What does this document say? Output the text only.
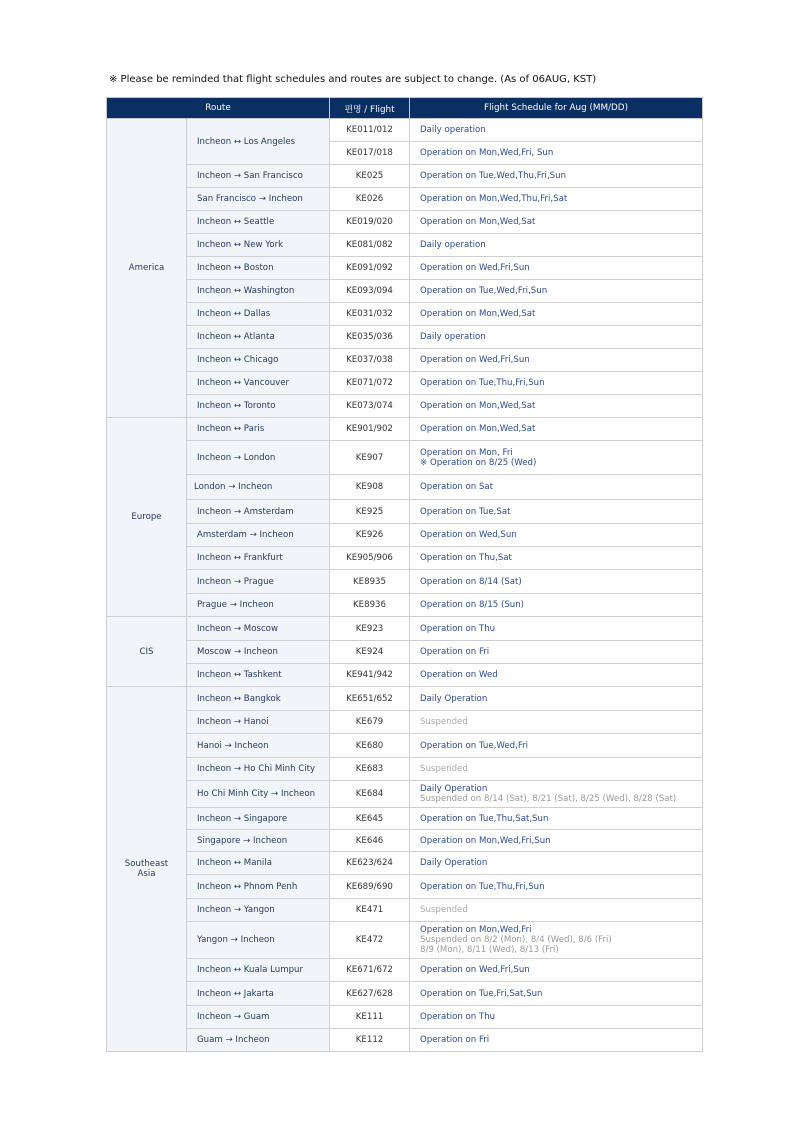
※ Please be reminded that flight schedules and routes are subject to change. (As of 06AUG, KST)
Route		편명 / Flight	Flight Schedule for Aug (MM/DD)
America	Incheon ↔ Los Angeles	KE011/012	Daily operation

		KE017/018	Operation on Mon,Wed,Fri, Sun

	Incheon → San Francisco	KE025	Operation on Tue,Wed,Thu,Fri,Sun

	San Francisco → Incheon	KE026	Operation on Mon,Wed,Thu,Fri,Sat

	Incheon ↔ Seattle	KE019/020	Operation on Mon,Wed,Sat

	Incheon ↔ New York	KE081/082	Daily operation

	Incheon ↔ Boston	KE091/092	Operation on Wed,Fri,Sun

	Incheon ↔ Washington	KE093/094	Operation on Tue,Wed,Fri,Sun

	Incheon ↔ Dallas	KE031/032	Operation on Mon,Wed,Sat

	Incheon ↔ Atlanta	KE035/036	Daily operation

	Incheon ↔ Chicago	KE037/038	Operation on Wed,Fri,Sun

	Incheon ↔ Vancouver	KE071/072	Operation on Tue,Thu,Fri,Sun

	Incheon ↔ Toronto	KE073/074	Operation on Mon,Wed,Sat

Europe	Incheon ↔ Paris	KE901/902	Operation on Mon,Wed,Sat

	Incheon → London	KE907	Operation on Mon, Fri
※ Operation on 8/25 (Wed)

	London → Incheon	KE908	Operation on Sat

	Incheon → Amsterdam	KE925	Operation on Tue,Sat

	Amsterdam → Incheon	KE926	Operation on Wed,Sun

	Incheon ↔ Frankfurt	KE905/906	Operation on Thu,Sat

	Incheon → Prague	KE8935	Operation on 8/14 (Sat)

	Prague → Incheon	KE8936	Operation on 8/15 (Sun)

CIS	Incheon → Moscow	KE923	Operation on Thu

	Moscow → Incheon	KE924	Operation on Fri

	Incheon ↔ Tashkent	KE941/942	Operation on Wed

Southeast Asia	Incheon ↔ Bangkok	KE651/652	Daily Operation

	Incheon → Hanoi	KE679	Suspended

	Hanoi → Incheon	KE680	Operation on Tue,Wed,Fri

	Incheon → Ho Chi Minh City	KE683	Suspended

	Ho Chi Minh City → Incheon	KE684	Daily Operation
Suspended on 8/14 (Sat), 8/21 (Sat), 8/25 (Wed), 8/28 (Sat)

	Incheon → Singapore	KE645	Operation on Tue,Thu,Sat,Sun

	Singapore → Incheon	KE646	Operation on Mon,Wed,Fri,Sun

	Incheon ↔ Manila	KE623/624	Daily Operation

	Incheon ↔ Phnom Penh	KE689/690	Operation on Tue,Thu,Fri,Sun

	Incheon → Yangon	KE471	Suspended

	Yangon → Incheon	KE472	Operation on Mon,Wed,Fri
Suspended on 8/2 (Mon), 8/4 (Wed), 8/6 (Fri)
8/9 (Mon), 8/11 (Wed), 8/13 (Fri)

	Incheon ↔ Kuala Lumpur	KE671/672	Operation on Wed,Fri,Sun

	Incheon ↔ Jakarta	KE627/628	Operation on Tue,Fri,Sat,Sun

	Incheon → Guam	KE111	Operation on Thu

	Guam → Incheon	KE112	Operation on Fri
